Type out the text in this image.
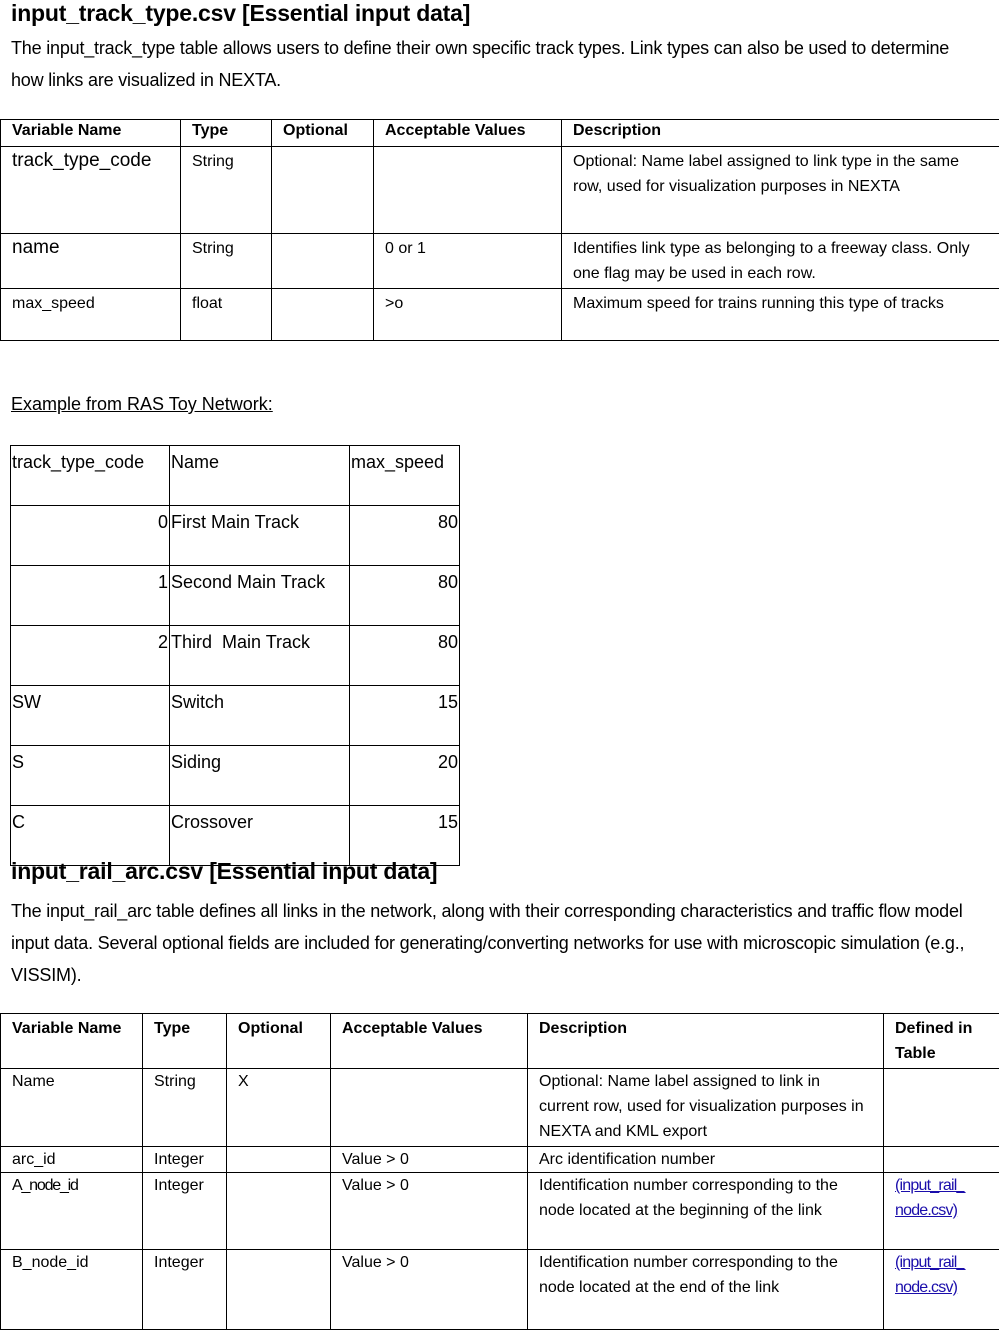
input_track_type.csv [Essential input data]

The input_track_type table allows users to define their own specific track types. Link types can also be used to determine how links are visualized in NEXTA.

Variable Name	Type	Optional	Acceptable Values	Description
track_type_code	String			Optional: Name label assigned to link type in the same row, used for visualization purposes in NEXTA
name	String		0 or 1	Identifies link type as belonging to a freeway class. Only one flag may be used in each row.
max_speed	float		>o	Maximum speed for trains running this type of tracks

Example from RAS Toy Network:

track_type_code	Name	max_speed
0	First Main Track	80
1	Second Main Track	80
2	Third  Main Track	80
SW	Switch	15
S	Siding	20
C	Crossover	15
input_rail_arc.csv [Essential input data]

The input_rail_arc table defines all links in the network, along with their corresponding characteristics and traffic flow model input data. Several optional fields are included for generating/converting networks for use with microscopic simulation (e.g., VISSIM).

Variable Name	Type	Optional	Acceptable Values	Description	Defined in Table
Name	String	X		Optional: Name label assigned to link in current row, used for visualization purposes in NEXTA and KML export	
arc_id	Integer		Value > 0	Arc identification number	
A_node_id	Integer		Value > 0	Identification number corresponding to the node located at the beginning of the link	(input_rail_ node.csv)
B_node_id	Integer		Value > 0	Identification number corresponding to the node located at the end of the link	(input_rail_ node.csv)
